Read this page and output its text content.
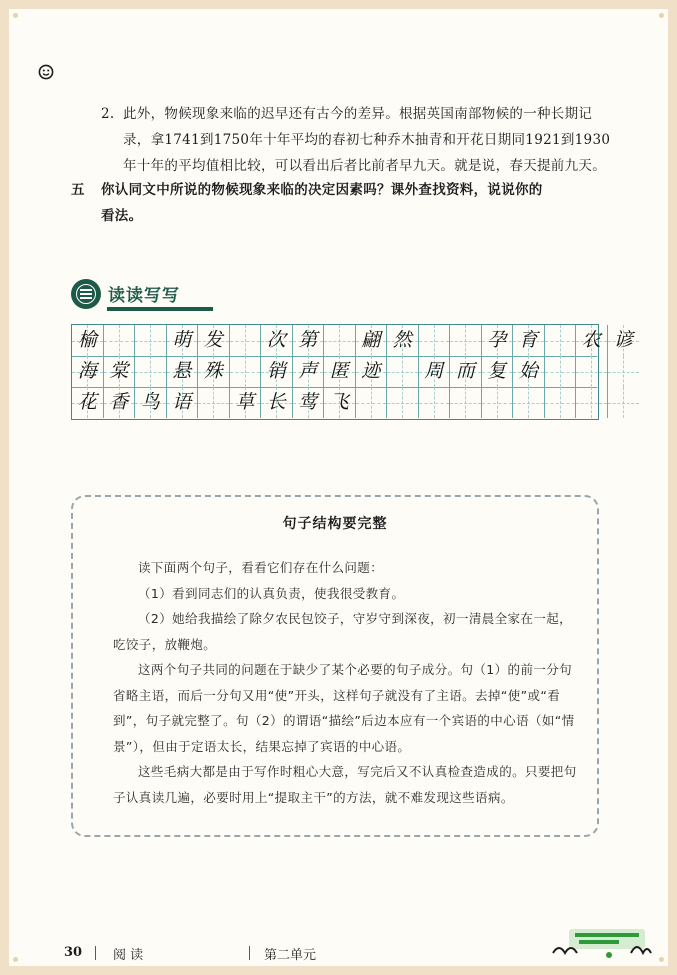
2. 此外，物候现象来临的迟早还有古今的差异。根据英国南部物候的一种长期记
录，拿1741到1750年十年平均的春初七种乔木抽青和开花日期同1921到1930
年十年的平均值相比较，可以看出后者比前者早九天。就是说，春天提前九天。
五 你认同文中所说的物候现象来临的决定因素吗？课外查找资料，说说你的
看法。
读读写写
榆	萌 发	次 第	翩 然	孕 育	农 谚
海 棠	悬 殊	销 声 匿 迹	周 而 复 始
花 香 鸟 语	草 长 莺 飞
句子结构要完整

读下面两个句子，看看它们存在什么问题：

（1）看到同志们的认真负责，使我很受教育。

（2）她给我描绘了除夕农民包饺子，守岁守到深夜，初一清晨全家在一起，吃饺子，放鞭炮。

这两个句子共同的问题在于缺少了某个必要的句子成分。句（1）的前一分句省略主语，而后一分句又用“使”开头，这样句子就没有了主语。去掉“使”或“看到”，句子就完整了。句（2）的谓语“描绘”后边本应有一个宾语的中心语（如“情景”），但由于定语太长，结果忘掉了宾语的中心语。

这些毛病大都是由于写作时粗心大意，写完后又不认真检查造成的。只要把句子认真读几遍，必要时用上“提取主干”的方法，就不难发现这些语病。

30 阅 读	第二单元
